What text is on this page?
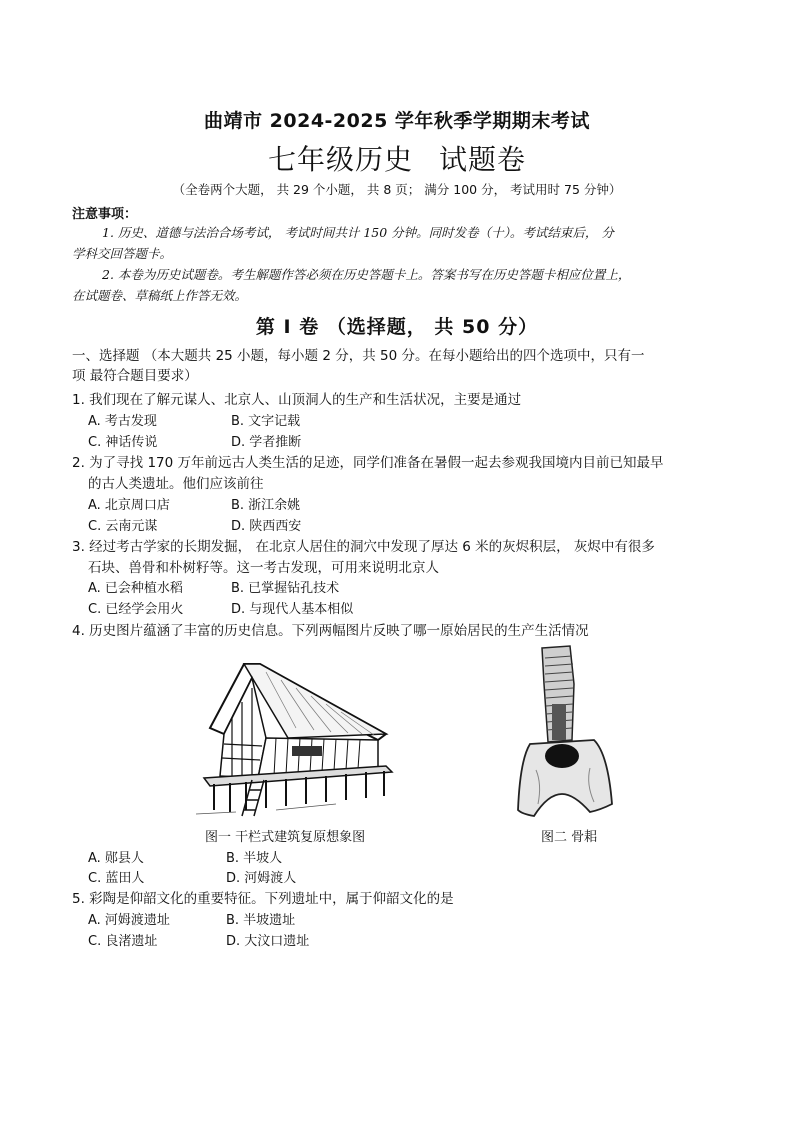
曲靖市 2024-2025 学年秋季学期期末考试
七年级历史 试题卷
（全卷两个大题， 共 29 个小题， 共 8 页； 满分 100 分， 考试用时 75 分钟）
注意事项：
1. 历史、道德与法治合场考试， 考试时间共计 150 分钟。同时发卷（十）。考试结束后， 分
学科交回答题卡。
2. 本卷为历史试题卷。考生解题作答必须在历史答题卡上。答案书写在历史答题卡相应位置上，
在试题卷、草稿纸上作答无效。
第 Ⅰ 卷 （选择题， 共 50 分）
一、选择题 （本大题共 25 小题，每小题 2 分，共 50 分。在每小题给出的四个选项中，只有一
项 最符合题目要求）
1. 我们现在了解元谋人、北京人、山顶洞人的生产和生活状况，主要是通过
A. 考古发现	B. 文字记载
C. 神话传说	D. 学者推断
2. 为了寻找 170 万年前远古人类生活的足迹，同学们准备在暑假一起去参观我国境内目前已知最早
的古人类遗址。他们应该前往
A. 北京周口店	B. 浙江余姚
C. 云南元谋	D. 陕西西安
3. 经过考古学家的长期发掘， 在北京人居住的洞穴中发现了厚达 6 米的灰烬积层， 灰烬中有很多
石块、兽骨和朴树籽等。这一考古发现，可用来说明北京人
A. 已会种植水稻	B. 已掌握钻孔技术
C. 已经学会用火	D. 与现代人基本相似
4. 历史图片蕴涵了丰富的历史信息。下列两幅图片反映了哪一原始居民的生产生活情况
图一 干栏式建筑复原想象图	图二 骨耜
A. 郧县人	B. 半坡人
C. 蓝田人	D. 河姆渡人
5. 彩陶是仰韶文化的重要特征。下列遗址中，属于仰韶文化的是
A. 河姆渡遗址	B. 半坡遗址
C. 良渚遗址	D. 大汶口遗址
